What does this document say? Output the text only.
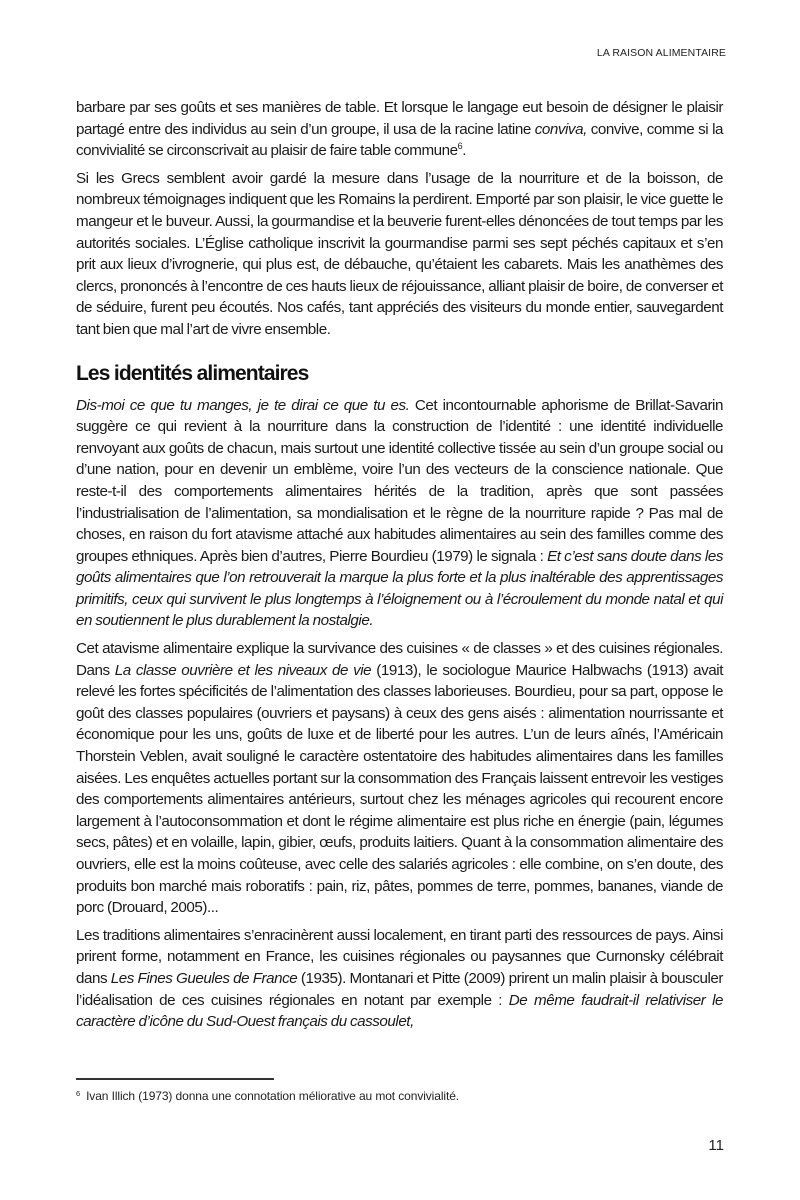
LA RAISON ALIMENTAIRE

barbare par ses goûts et ses manières de table. Et lorsque le langage eut besoin de désigner le plaisir partagé entre des individus au sein d’un groupe, il usa de la racine latine conviva, convive, comme si la convivialité se circonscrivait au plaisir de faire table commune$^6$.

Si les Grecs semblent avoir gardé la mesure dans l’usage de la nourriture et de la boisson, de nombreux témoignages indiquent que les Romains la perdirent. Emporté par son plaisir, le vice guette le mangeur et le buveur. Aussi, la gourmandise et la beuverie furent-elles dénoncées de tout temps par les autorités sociales. L’Église catholique inscrivit la gourmandise parmi ses sept péchés capitaux et s’en prit aux lieux d’ivrognerie, qui plus est, de débauche, qu’étaient les cabarets. Mais les anathèmes des clercs, prononcés à l’encontre de ces hauts lieux de réjouissance, alliant plaisir de boire, de converser et de séduire, furent peu écoutés. Nos cafés, tant appréciés des visiteurs du monde entier, sauvegardent tant bien que mal l’art de vivre ensemble.

Les identités alimentaires

Dis-moi ce que tu manges, je te dirai ce que tu es. Cet incontournable aphorisme de Brillat-Savarin suggère ce qui revient à la nourriture dans la construction de l’identité : une identité individuelle renvoyant aux goûts de chacun, mais surtout une identité collective tissée au sein d’un groupe social ou d’une nation, pour en devenir un emblème, voire l’un des vecteurs de la conscience nationale. Que reste-t-il des comportements alimentaires hérités de la tradition, après que sont passées l’industrialisation de l’alimentation, sa mondialisation et le règne de la nourriture rapide ? Pas mal de choses, en raison du fort atavisme attaché aux habitudes alimentaires au sein des familles comme des groupes ethniques. Après bien d’autres, Pierre Bourdieu (1979) le signala : Et c’est sans doute dans les goûts alimentaires que l’on retrouverait la marque la plus forte et la plus inaltérable des apprentissages primitifs, ceux qui survivent le plus longtemps à l’éloignement ou à l’écroulement du monde natal et qui en soutiennent le plus durablement la nostalgie.

Cet atavisme alimentaire explique la survivance des cuisines « de classes » et des cuisines régionales. Dans La classe ouvrière et les niveaux de vie (1913), le sociologue Maurice Halbwachs (1913) avait relevé les fortes spécificités de l’alimentation des classes laborieuses. Bourdieu, pour sa part, oppose le goût des classes populaires (ouvriers et paysans) à ceux des gens aisés : alimentation nourrissante et économique pour les uns, goûts de luxe et de liberté pour les autres. L’un de leurs aînés, l’Américain Thorstein Veblen, avait souligné le caractère ostentatoire des habitudes alimentaires dans les familles aisées. Les enquêtes actuelles portant sur la consommation des Français laissent entrevoir les vestiges des comportements alimentaires antérieurs, surtout chez les ménages agricoles qui recourent encore largement à l’autoconsommation et dont le régime alimentaire est plus riche en énergie (pain, légumes secs, pâtes) et en volaille, lapin, gibier, œufs, produits laitiers. Quant à la consommation alimentaire des ouvriers, elle est la moins coûteuse, avec celle des salariés agricoles : elle combine, on s’en doute, des produits bon marché mais roboratifs : pain, riz, pâtes, pommes de terre, pommes, bananes, viande de porc (Drouard, 2005)...

Les traditions alimentaires s’enracinèrent aussi localement, en tirant parti des ressources de pays. Ainsi prirent forme, notamment en France, les cuisines régionales ou paysannes que Curnonsky célébrait dans Les Fines Gueules de France (1935). Montanari et Pitte (2009) prirent un malin plaisir à bousculer l’idéalisation de ces cuisines régionales en notant par exemple : De même faudrait-il relativiser le caractère d’icône du Sud-Ouest français du cassoulet,

$^6$ Ivan Illich (1973) donna une connotation méliorative au mot convivialité.
11
